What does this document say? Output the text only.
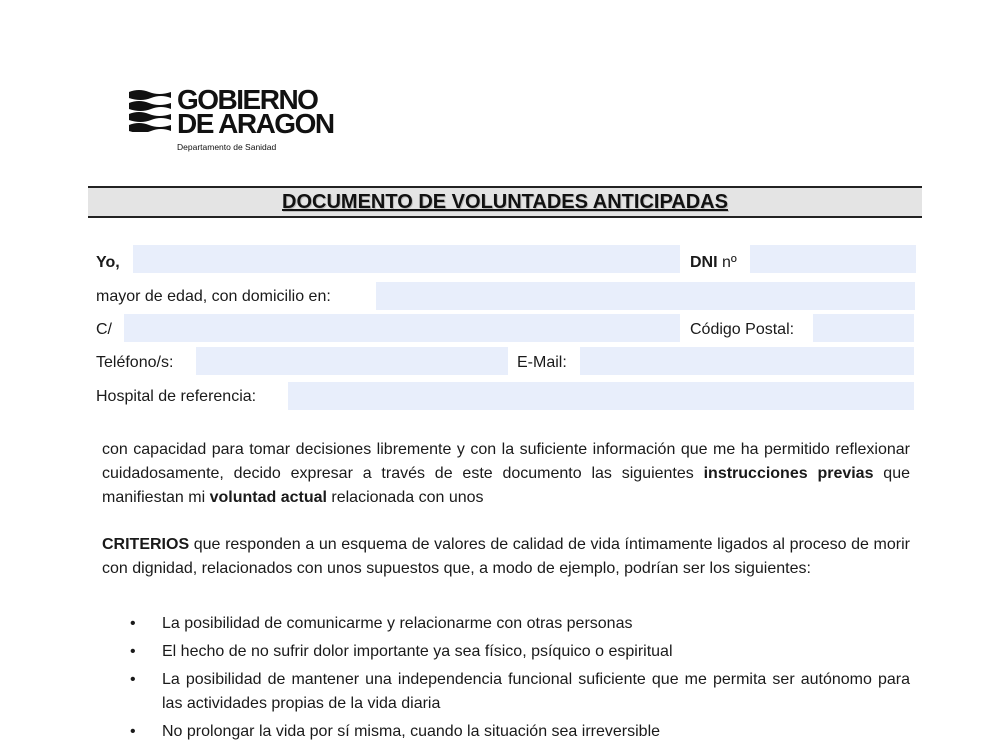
GOBIERNO
DE ARAGON
Departamento de Sanidad
DOCUMENTO DE VOLUNTADES ANTICIPADAS
Yo,	DNI nº
mayor de edad, con domicilio en:
C/	Código Postal:
Teléfono/s:	E-Mail:
Hospital de referencia:
con capacidad para tomar decisiones libremente y con la suficiente información que me ha permitido reflexionar cuidadosamente, decido expresar a través de este documento las siguientes instrucciones previas que manifiestan mi voluntad actual relacionada con unos
CRITERIOS que responden a un esquema de valores de calidad de vida íntimamente ligados al proceso de morir con dignidad, relacionados con unos supuestos que, a modo de ejemplo, podrían ser los siguientes:
• La posibilidad de comunicarme y relacionarme con otras personas
• El hecho de no sufrir dolor importante ya sea físico, psíquico o espiritual
• La posibilidad de mantener una independencia funcional suficiente que me permita ser autónomo para las actividades propias de la vida diaria
• No prolongar la vida por sí misma, cuando la situación sea irreversible
